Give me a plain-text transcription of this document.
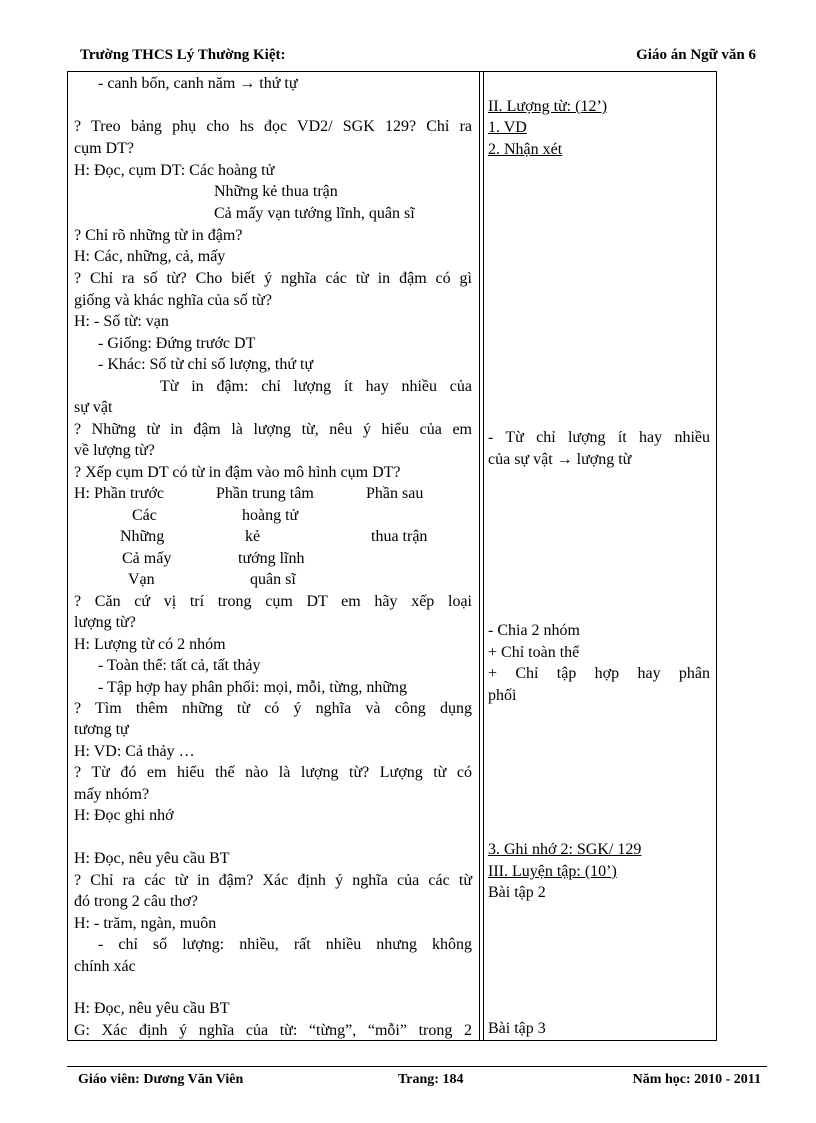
Trường THCS Lý Thường Kiệt:	Giáo án Ngữ văn 6
- canh bốn, canh năm → thứ tự
? Treo bảng phụ cho hs đọc VD2/ SGK 129? Chỉ ra
cụm DT?
H: Đọc, cụm DT: Các hoàng tử
Những kẻ thua trận
Cả mấy vạn tướng lĩnh, quân sĩ
? Chỉ rõ những từ in đậm?
H: Các, những, cả, mấy
? Chỉ ra số từ? Cho biết ý nghĩa các từ in đậm có gì
giống và khác nghĩa của số từ?
H: - Số từ: vạn
- Giống: Đứng trước DT
- Khác: Số từ chỉ số lượng, thứ tự
Từ in đậm: chỉ lượng ít hay nhiều của
sự vật
? Những từ in đậm là lượng từ, nêu ý hiểu của em
về lượng từ?
? Xếp cụm DT có từ in đậm vào mô hình cụm DT?
H: Phần trước	Phần trung tâm	Phần sau
Các	hoàng tử
Những	kẻ	thua trận
Cả mấy	tướng lĩnh
Vạn	quân sĩ
? Căn cứ vị trí trong cụm DT em hãy xếp loại
lượng từ?
H: Lượng từ có 2 nhóm
- Toàn thể: tất cả, tất thảy
- Tập hợp hay phân phối: mọi, mỗi, từng, những
? Tìm thêm những từ có ý nghĩa và công dụng
tương tự
H: VD: Cả thảy …
? Từ đó em hiểu thế nào là lượng từ? Lượng từ có
mấy nhóm?
H: Đọc ghi nhớ
H: Đọc, nêu yêu cầu BT
? Chỉ ra các từ in đậm? Xác định ý nghĩa của các từ
đó trong 2 câu thơ?
H: - trăm, ngàn, muôn
- chỉ số lượng: nhiều, rất nhiều nhưng không
chính xác
H: Đọc, nêu yêu cầu BT
G: Xác định ý nghĩa của từ: “từng”, “mỗi” trong 2
II. Lượng từ: (12’)
1. VD
2. Nhận xét
- Từ chỉ lượng ít hay nhiều
của sự vật → lượng từ
- Chia 2 nhóm
+ Chỉ toàn thể
+ Chỉ tập hợp hay phân
phối
3. Ghi nhớ 2: SGK/ 129
III. Luyện tập: (10’)
Bài tập 2
Bài tập 3
Giáo viên: Dương Văn Viên	Trang: 184	Năm học: 2010 - 2011
